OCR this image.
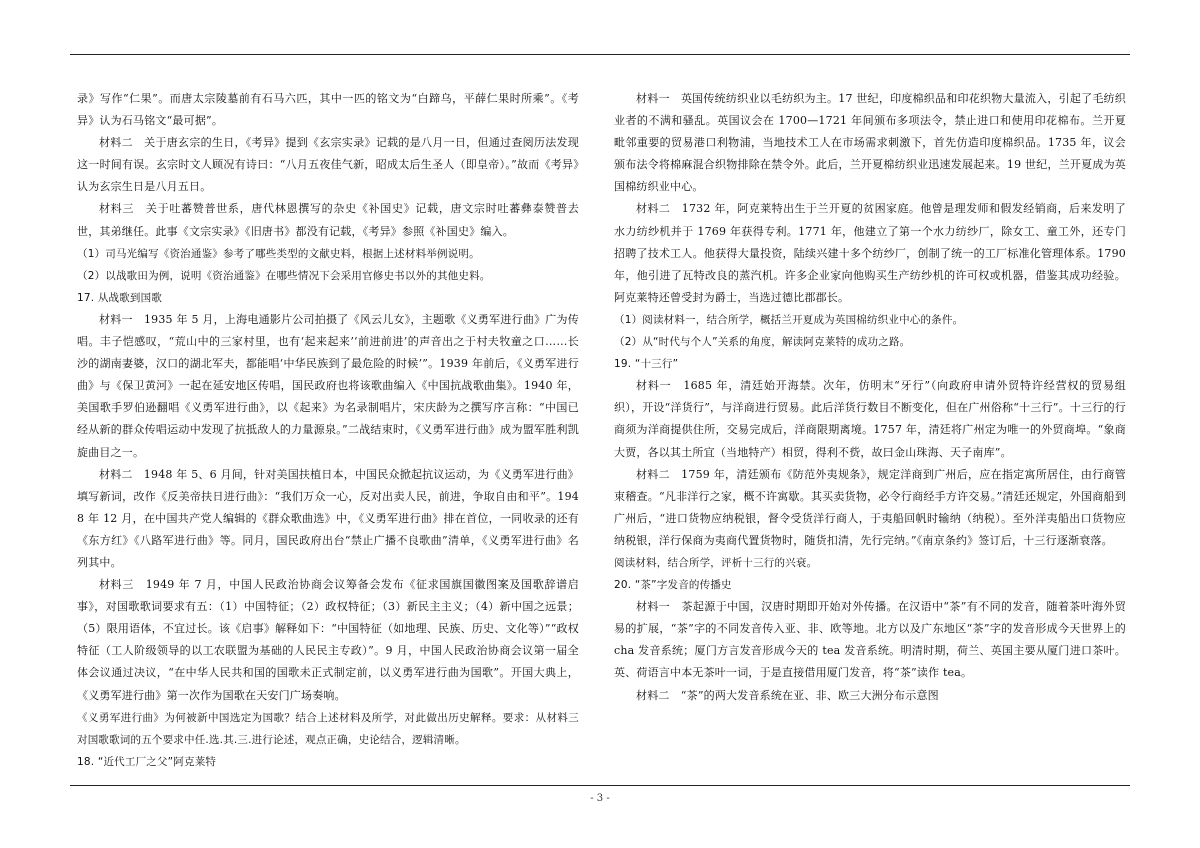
录》写作“仁果”。而唐太宗陵墓前有石马六匹，其中一匹的铭文为“白蹄乌，平薛仁果时所乘”。《考异》认为石马铭文“最可据”。

材料二　关于唐玄宗的生日，《考异》提到《玄宗实录》记载的是八月一日，但通过查阅历法发现这一时间有误。玄宗时文人顾况有诗曰：“八月五夜佳气新，昭成太后生圣人（即皇帝）。”故而《考异》认为玄宗生日是八月五日。

材料三　关于吐蕃赞普世系，唐代林恩撰写的杂史《补国史》记载，唐文宗时吐蕃彝泰赞普去世，其弟继任。此事《文宗实录》《旧唐书》都没有记载，《考异》参照《补国史》编入。

（1）司马光编写《资治通鉴》参考了哪些类型的文献史料，根据上述材料举例说明。

（2）以战歌田为例，说明《资治通鉴》在哪些情况下会采用官修史书以外的其他史料。

17. 从战歌到国歌

材料一　1935 年 5 月，上海电通影片公司拍摄了《风云儿女》，主题歌《义勇军进行曲》广为传唱。丰子恺感叹，“荒山中的三家村里，也有‘起来起来’‘前进前进’的声音出之于村夫牧童之口……长沙的湖南妻婆，汉口的湖北军夫，都能唱‘中华民族到了最危险的时候’”。1939 年前后，《义勇军进行曲》与《保卫黄河》一起在延安地区传唱，国民政府也将该歌曲编入《中国抗战歌曲集》。1940 年，美国歌手罗伯逊翻唱《义勇军进行曲》，以《起来》为名录制唱片，宋庆龄为之撰写序言称：“中国已经从新的群众传唱运动中发现了抗抵敌人的力量源泉。”二战结束时，《义勇军进行曲》成为盟军胜利凯旋曲目之一。

材料二　1948 年 5、6 月间，针对美国扶植日本，中国民众掀起抗议运动，为《义勇军进行曲》填写新词，改作《反美帝扶日进行曲》：“我们万众一心，反对出卖人民，前进，争取自由和平”。1948 年 12 月，在中国共产党人编辑的《群众歌曲选》中，《义勇军进行曲》排在首位，一同收录的还有《东方红》《八路军进行曲》等。同月，国民政府出台“禁止广播不良歌曲”清单，《义勇军进行曲》名列其中。

材料三　1949 年 7 月，中国人民政治协商会议筹备会发布《征求国旗国徽图案及国歌辞谱启事》，对国歌歌词要求有五：（1）中国特征；（2）政权特征；（3）新民主主义；（4）新中国之远景；（5）限用语体，不宜过长。该《启事》解释如下：“中国特征（如地理、民族、历史、文化等）”“政权特征（工人阶级领导的以工农联盟为基础的人民民主专政）”。9 月，中国人民政治协商会议第一届全体会议通过决议，“在中华人民共和国的国歌未正式制定前，以义勇军进行曲为国歌”。开国大典上，《义勇军进行曲》第一次作为国歌在天安门广场奏响。

《义勇军进行曲》为何被新中国选定为国歌？结合上述材料及所学，对此做出历史解释。要求：从材料三对国歌歌词的五个要求中任.选.其.三.进行论述，观点正确，史论结合，逻辑清晰。

18. “近代工厂之父”阿克莱特

材料一　英国传统纺织业以毛纺织为主。17 世纪，印度棉织品和印花织物大量流入，引起了毛纺织业者的不满和骚乱。英国议会在 1700—1721 年间颁布多项法令，禁止进口和使用印花棉布。兰开夏毗邻重要的贸易港口利物浦，当地技术工人在市场需求刺激下，首先仿造印度棉织品。1735 年，议会颁布法令将棉麻混合织物排除在禁令外。此后，兰开夏棉纺织业迅速发展起来。19 世纪，兰开夏成为英国棉纺织业中心。

材料二　1732 年，阿克莱特出生于兰开夏的贫困家庭。他曾是理发师和假发经销商，后来发明了水力纺纱机并于 1769 年获得专利。1771 年，他建立了第一个水力纺纱厂，除女工、童工外，还专门招聘了技术工人。他获得大量投资，陆续兴建十多个纺纱厂，创制了统一的工厂标准化管理体系。1790 年，他引进了瓦特改良的蒸汽机。许多企业家向他购买生产纺纱机的许可权或机器，借鉴其成功经验。阿克莱特还曾受封为爵士，当选过德比郡郡长。

（1）阅读材料一，结合所学，概括兰开夏成为英国棉纺织业中心的条件。

（2）从“时代与个人”关系的角度，解读阿克莱特的成功之路。

19. “十三行”

材料一　1685 年，清廷始开海禁。次年，仿明末“牙行”（向政府申请外贸特许经营权的贸易组织），开设“洋货行”，与洋商进行贸易。此后洋货行数目不断变化，但在广州俗称“十三行”。十三行的行商须为洋商提供住所，交易完成后，洋商限期离境。1757 年，清廷将广州定为唯一的外贸商埠。“象商大贾，各以其土所宜（当地特产）相贸，得利不赀，故曰金山珠海、天子南库”。

材料二　1759 年，清廷颁布《防范外夷规条》，规定洋商到广州后，应在指定寓所居住，由行商管束稽查。“凡非洋行之家，概不许寓歇。其买卖货物，必令行商经手方许交易。”清廷还规定，外国商船到广州后，“进口货物应纳税银，督令受货洋行商人，于夷船回帆时输纳（纳税）。至外洋夷船出口货物应纳税银，洋行保商为夷商代置货物时，随货扣清，先行完纳。”《南京条约》签订后，十三行逐渐衰落。

阅读材料，结合所学，评析十三行的兴衰。

20. “茶”字发音的传播史

材料一　茶起源于中国，汉唐时期即开始对外传播。在汉语中“茶”有不同的发音，随着茶叶海外贸易的扩展，“茶”字的不同发音传入亚、非、欧等地。北方以及广东地区“茶”字的发音形成今天世界上的 cha 发音系统；厦门方言发音形成今天的 tea 发音系统。明清时期，荷兰、英国主要从厦门进口茶叶。英、荷语言中本无茶叶一词，于是直接借用厦门发音，将“茶”读作 tea。

材料二　“茶”的两大发音系统在亚、非、欧三大洲分布示意图

- 3 -
